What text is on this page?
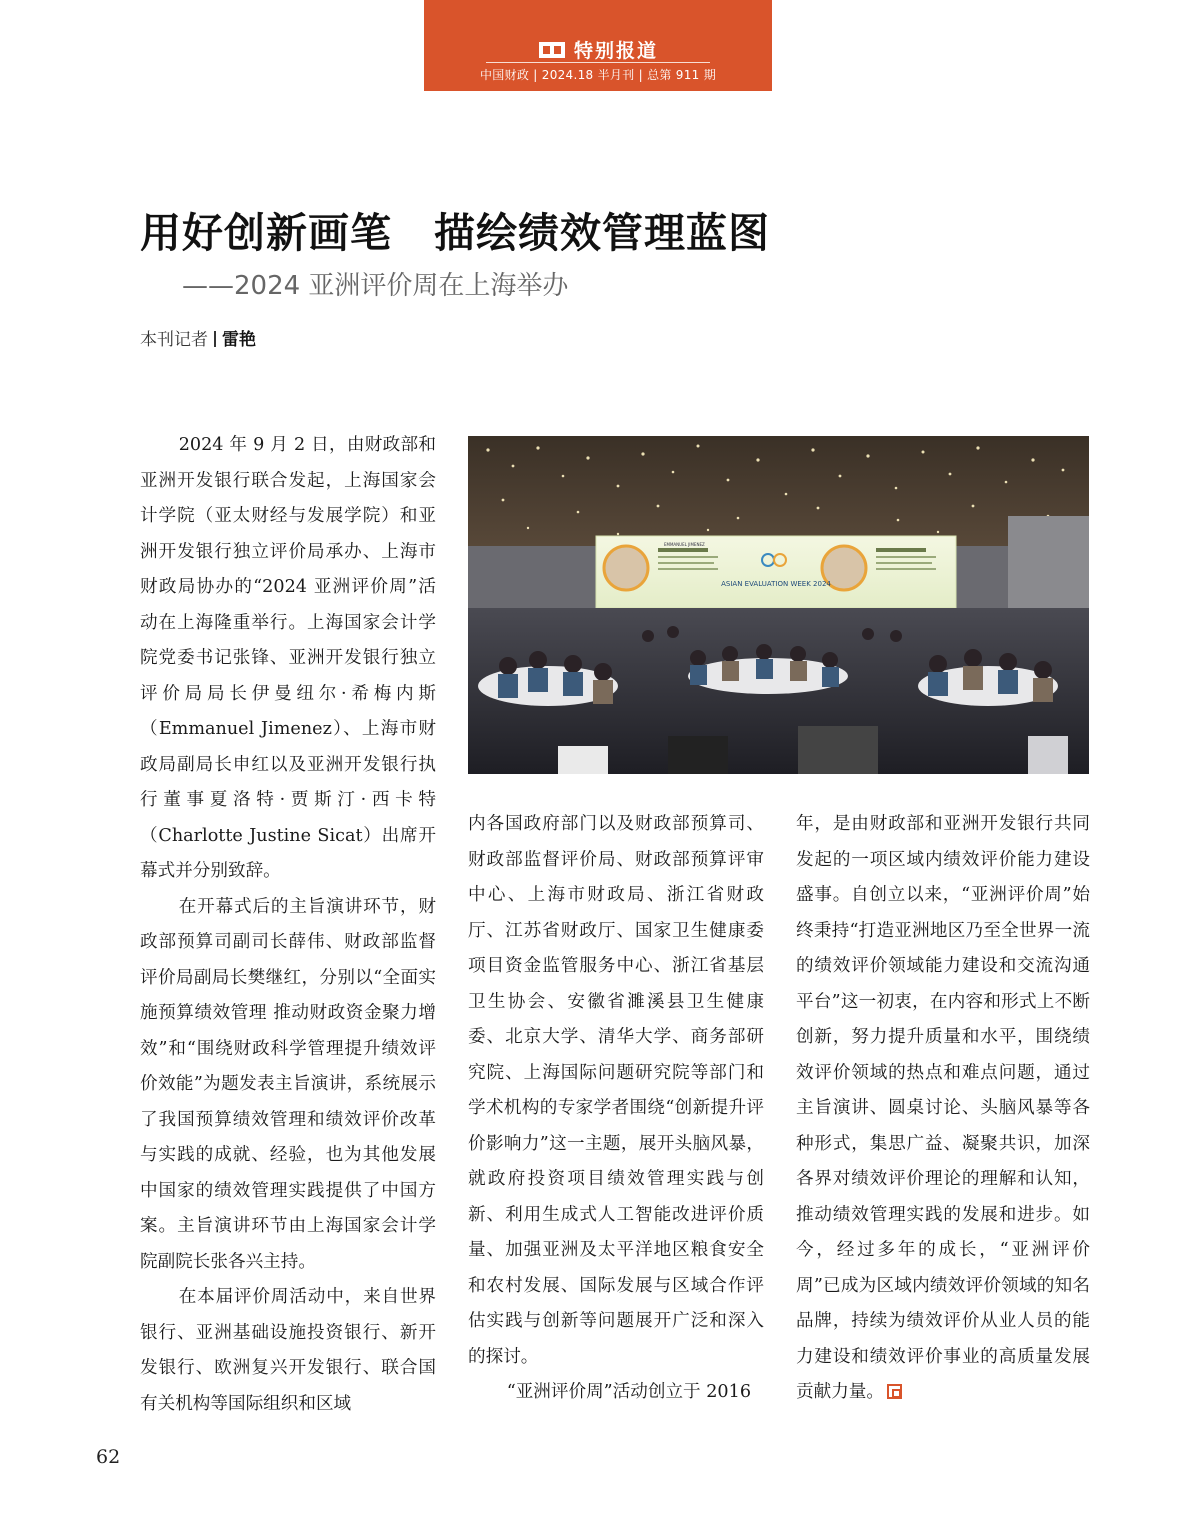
特别报道
中国财政 | 2024.18 半月刊 | 总第 911 期
用好创新画笔　描绘绩效管理蓝图
——2024 亚洲评价周在上海举办
本刊记者 雷艳

2024 年 9 月 2 日，由财政部和亚洲开发银行联合发起，上海国家会计学院（亚太财经与发展学院）和亚洲开发银行独立评价局承办、上海市财政局协办的“2024 亚洲评价周”活动在上海隆重举行。上海国家会计学院党委书记张锋、亚洲开发银行独立评价局局长伊曼纽尔·希梅内斯（Emmanuel Jimenez）、上海市财政局副局长申红以及亚洲开发银行执行董事夏洛特·贾斯汀·西卡特（Charlotte Justine Sicat）出席开幕式并分别致辞。

在开幕式后的主旨演讲环节，财政部预算司副司长薛伟、财政部监督评价局副局长樊继红，分别以“全面实施预算绩效管理 推动财政资金聚力增效”和“围绕财政科学管理提升绩效评价效能”为题发表主旨演讲，系统展示了我国预算绩效管理和绩效评价改革与实践的成就、经验，也为其他发展中国家的绩效管理实践提供了中国方案。主旨演讲环节由上海国家会计学院副院长张各兴主持。

在本届评价周活动中，来自世界银行、亚洲基础设施投资银行、新开发银行、欧洲复兴开发银行、联合国有关机构等国际组织和区域

ASIAN EVALUATION WEEK 2024
EMMANUEL JIMENEZ

内各国政府部门以及财政部预算司、财政部监督评价局、财政部预算评审中心、上海市财政局、浙江省财政厅、江苏省财政厅、国家卫生健康委项目资金监管服务中心、浙江省基层卫生协会、安徽省濉溪县卫生健康委、北京大学、清华大学、商务部研究院、上海国际问题研究院等部门和学术机构的专家学者围绕“创新提升评价影响力”这一主题，展开头脑风暴，就政府投资项目绩效管理实践与创新、利用生成式人工智能改进评价质量、加强亚洲及太平洋地区粮食安全和农村发展、国际发展与区域合作评估实践与创新等问题展开广泛和深入的探讨。

“亚洲评价周”活动创立于 2016

年，是由财政部和亚洲开发银行共同发起的一项区域内绩效评价能力建设盛事。自创立以来，“亚洲评价周”始终秉持“打造亚洲地区乃至全世界一流的绩效评价领域能力建设和交流沟通平台”这一初衷，在内容和形式上不断创新，努力提升质量和水平，围绕绩效评价领域的热点和难点问题，通过主旨演讲、圆桌讨论、头脑风暴等各种形式，集思广益、凝聚共识，加深各界对绩效评价理论的理解和认知，推动绩效管理实践的发展和进步。如今，经过多年的成长，“亚洲评价周”已成为区域内绩效评价领域的知名品牌，持续为绩效评价从业人员的能力建设和绩效评价事业的高质量发展贡献力量。

62
